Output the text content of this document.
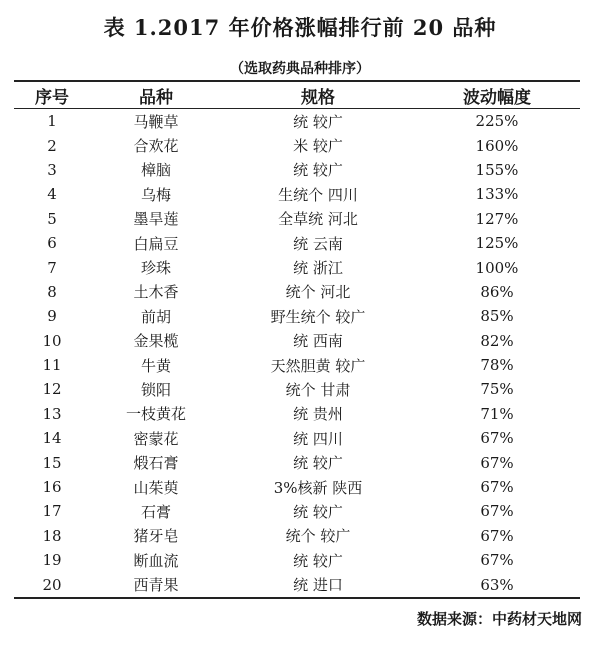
表 1.2017 年价格涨幅排行前 20 品种
（选取药典品种排序）
序号	品种	规格	波动幅度
1	马鞭草	统 较广	225%
2	合欢花	米 较广	160%
3	樟脑	统 较广	155%
4	乌梅	生统个 四川	133%
5	墨旱莲	全草统 河北	127%
6	白扁豆	统 云南	125%
7	珍珠	统 浙江	100%
8	土木香	统个 河北	86%
9	前胡	野生统个 较广	85%
10	金果榄	统 西南	82%
11	牛黄	天然胆黄 较广	78%
12	锁阳	统个 甘肃	75%
13	一枝黄花	统 贵州	71%
14	密蒙花	统 四川	67%
15	煅石膏	统 较广	67%
16	山茱萸	3%核新 陕西	67%
17	石膏	统 较广	67%
18	猪牙皂	统个 较广	67%
19	断血流	统 较广	67%
20	西青果	统 进口	63%
数据来源：中药材天地网
